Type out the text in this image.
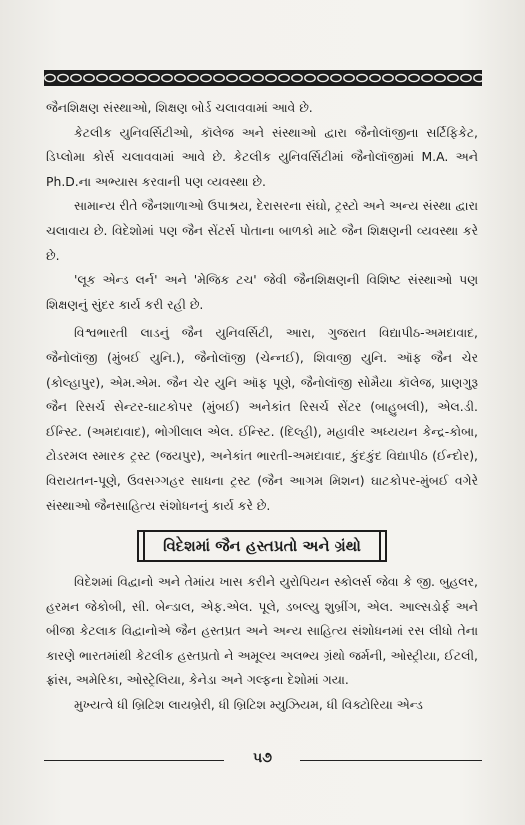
જૈનશિક્ષણ સંસ્થાઓ, શિક્ષણ બોર્ડ ચલાવવામાં આવે છે.

કેટલીક યુનિવર્સિટીઓ, કૉલેજ અને સંસ્થાઓ દ્વારા જૈનોલૉજીના સર્ટિફિકેટ, ડિપ્લોમા કોર્સ ચલાવવામાં આવે છે. કેટલીક યુનિવર્સિટીમાં જૈનોલૉજીમાં M.A. અને Ph.D.ના અભ્યાસ કરવાની પણ વ્યવસ્થા છે.

સામાન્ય રીતે જૈનશાળાઓ ઉપાશ્રય, દેરાસરના સંઘો, ટ્રસ્ટો અને અન્ય સંસ્થા દ્વારા ચલાવાય છે. વિદેશોમાં પણ જૈન સેંટર્સ પોતાના બાળકો માટે જૈન શિક્ષણની વ્યવસ્થા કરે છે.

'લૂક એન્ડ લર્ન' અને 'મેજિક ટચ' જેવી જૈનશિક્ષણની વિશિષ્ટ સંસ્થાઓ પણ શિક્ષણનું સુંદર કાર્ય કરી રહી છે.

વિશ્વભારતી લાડનું જૈન યુનિવર્સિટી, આરા, ગુજરાત વિદ્યાપીઠ-અમદાવાદ, જૈનોલૉજી (મુંબઈ યુનિ.), જૈનોલૉજી (ચેન્નઈ), શિવાજી યુનિ. ઑફ જૈન ચેર (કોલ્હાપુર), એમ.એમ. જૈન ચેર યુનિ ઑફ પૂણે, જૈનોલૉજી સોમૈયા કૉલેજ, પ્રાણગુરૂ જૈન રિસર્ચ સેન્ટર-ઘાટકોપર (મુંબઈ) અનેકાંત રિસર્ચ સેંટર (બાહુબલી), એલ.ડી. ઈન્સ્ટિ. (અમદાવાદ), ભોગીલાલ એલ. ઈન્સ્ટિ. (દિલ્હી), મહાવીર અધ્યયન કેન્દ્ર-કોબા, ટોડરમલ સ્મારક ટ્રસ્ટ (જયપુર), અનેકાંત ભારતી-અમદાવાદ, કુંદકુંદ વિદ્યાપીઠ (ઈન્દોર), વિરાયતન-પૂણે, ઉવસગ્ગહર સાધના ટ્રસ્ટ (જૈન આગમ મિશન) ઘાટકોપર-મુંબઈ વગેરે સંસ્થાઓ જૈનસાહિત્ય સંશોધનનું કાર્ય કરે છે.

વિદેશમાં જૈન હસ્તપ્રતો અને ગ્રંથો

વિદેશમાં વિદ્વાનો અને તેમાંય ખાસ કરીને યુરોપિયન સ્કોલર્સ જેવા કે જી. બુહલર, હરમન જેકોબી, સી. બેન્ડાલ, એફ.એલ. પૂલે, ડબલ્યુ શુબ્રીંગ, એલ. આલ્સડોર્ફ અને બીજા કેટલાક વિદ્વાનોએ જૈન હસ્તપ્રત અને અન્ય સાહિત્ય સંશોધનમાં રસ લીધો તેના કારણે ભારતમાંથી કેટલીક હસ્તપ્રતો ને અમૂલ્ય અલભ્ય ગ્રંથો જર્મની, ઓસ્ટ્રીયા, ઈટલી, ફ્રાંસ, અમેરિકા, ઓસ્ટ્રેલિયા, કેનેડા અને ગલ્ફના દેશોમાં ગયા.

મુખ્યત્વે ધી બ્રિટિશ લાયબ્રેરી, ધી બ્રિટિશ મ્યુઝિયમ, ધી વિક્ટોરિયા એન્ડ

૫૭
